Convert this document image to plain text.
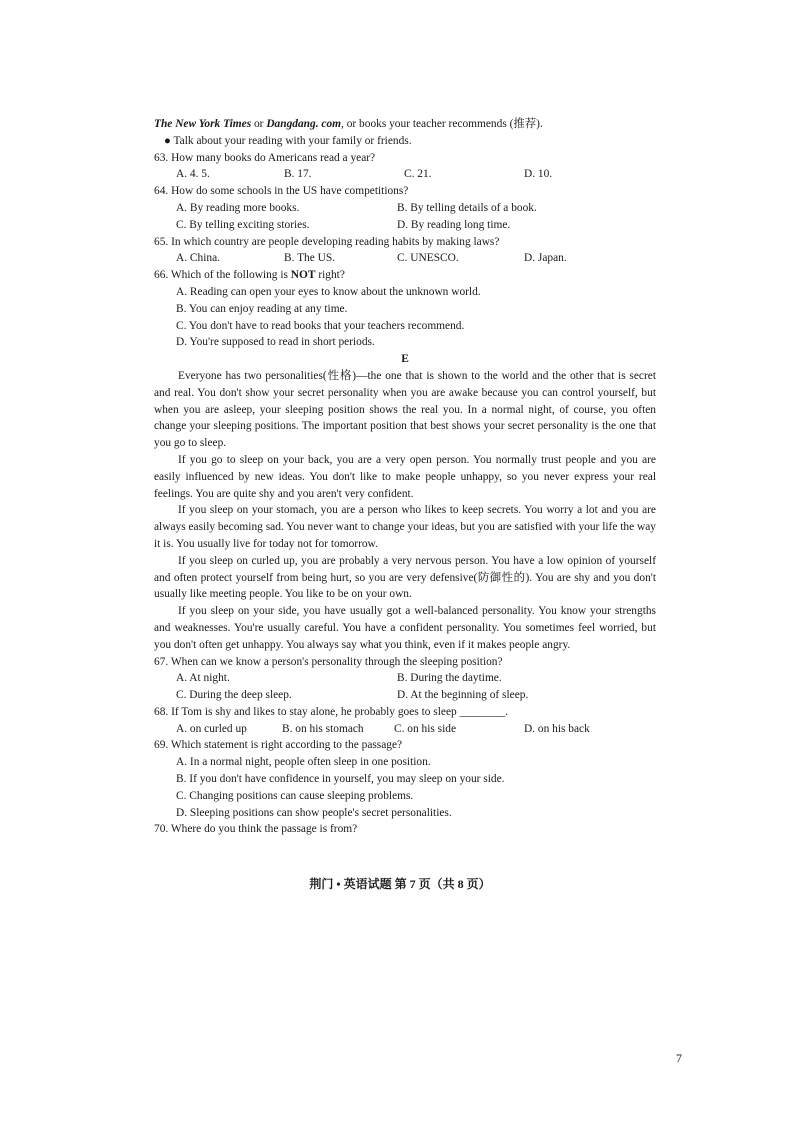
The New York Times or Dangdang. com, or books your teacher recommends (推荐).
● Talk about your reading with your family or friends.
63. How many books do Americans read a year?
A. 4. 5.	B. 17.	C. 21.	D. 10.
64. How do some schools in the US have competitions?
A. By reading more books.	B. By telling details of a book.
C. By telling exciting stories.	D. By reading long time.
65. In which country are people developing reading habits by making laws?
A. China.	B. The US.	C. UNESCO.	D. Japan.
66. Which of the following is NOT right?
A. Reading can open your eyes to know about the unknown world.
B. You can enjoy reading at any time.
C. You don't have to read books that your teachers recommend.
D. You're supposed to read in short periods.
E

Everyone has two personalities(性格)—the one that is shown to the world and the other that is secret and real. You don't show your secret personality when you are awake because you can control yourself, but when you are asleep, your sleeping position shows the real you. In a normal night, of course, you often change your sleeping positions. The important position that best shows your secret personality is the one that you go to sleep.

If you go to sleep on your back, you are a very open person. You normally trust people and you are easily influenced by new ideas. You don't like to make people unhappy, so you never express your real feelings. You are quite shy and you aren't very confident.

If you sleep on your stomach, you are a person who likes to keep secrets. You worry a lot and you are always easily becoming sad. You never want to change your ideas, but you are satisfied with your life the way it is. You usually live for today not for tomorrow.

If you sleep on curled up, you are probably a very nervous person. You have a low opinion of yourself and often protect yourself from being hurt, so you are very defensive(防御性的). You are shy and you don't usually like meeting people. You like to be on your own.

If you sleep on your side, you have usually got a well-balanced personality. You know your strengths and weaknesses. You're usually careful. You have a confident personality. You sometimes feel worried, but you don't often get unhappy. You always say what you think, even if it makes people angry.

67. When can we know a person's personality through the sleeping position?
A. At night.	B. During the daytime.
C. During the deep sleep.	D. At the beginning of sleep.
68. If Tom is shy and likes to stay alone, he probably goes to sleep ________.
A. on curled up	B. on his stomach	C. on his side	D. on his back
69. Which statement is right according to the passage?
A. In a normal night, people often sleep in one position.
B. If you don't have confidence in yourself, you may sleep on your side.
C. Changing positions can cause sleeping problems.
D. Sleeping positions can show people's secret personalities.
70. Where do you think the passage is from?
荆门 • 英语试题 第 7 页（共 8 页）
7
